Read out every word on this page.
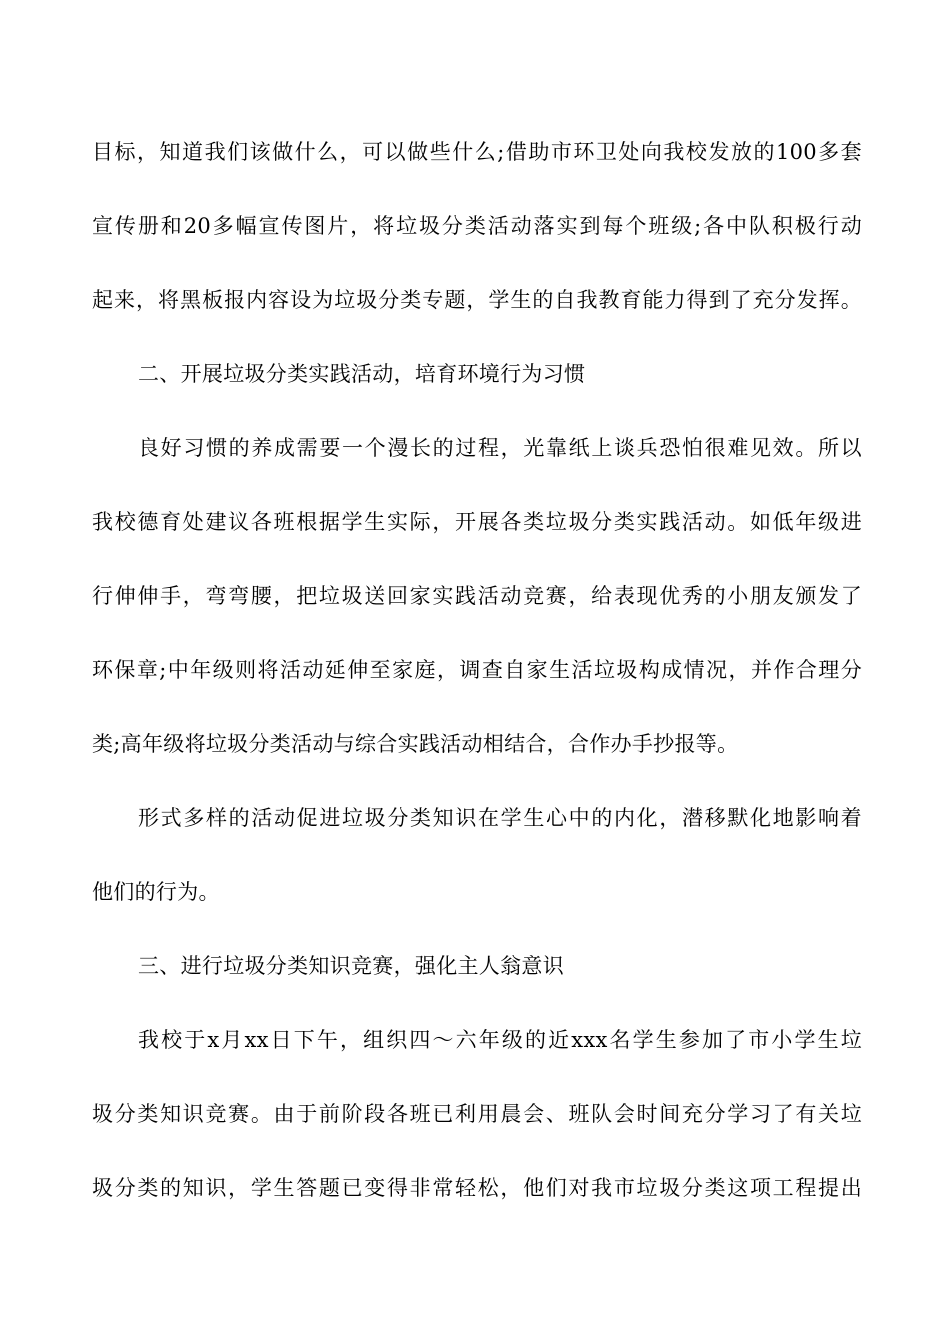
目标，知道我们该做什么，可以做些什么;借助市环卫处向我校发放的100多套
宣传册和20多幅宣传图片，将垃圾分类活动落实到每个班级;各中队积极行动
起来，将黑板报内容设为垃圾分类专题，学生的自我教育能力得到了充分发挥。
二、开展垃圾分类实践活动，培育环境行为习惯
良好习惯的养成需要一个漫长的过程，光靠纸上谈兵恐怕很难见效。所以
我校德育处建议各班根据学生实际，开展各类垃圾分类实践活动。如低年级进
行伸伸手，弯弯腰，把垃圾送回家实践活动竞赛，给表现优秀的小朋友颁发了
环保章;中年级则将活动延伸至家庭，调查自家生活垃圾构成情况，并作合理分
类;高年级将垃圾分类活动与综合实践活动相结合，合作办手抄报等。
形式多样的活动促进垃圾分类知识在学生心中的内化，潜移默化地影响着
他们的行为。
三、进行垃圾分类知识竞赛，强化主人翁意识
我校于x月xx日下午，组织四～六年级的近xxx名学生参加了市小学生垃
圾分类知识竞赛。由于前阶段各班已利用晨会、班队会时间充分学习了有关垃
圾分类的知识，学生答题已变得非常轻松，他们对我市垃圾分类这项工程提出
